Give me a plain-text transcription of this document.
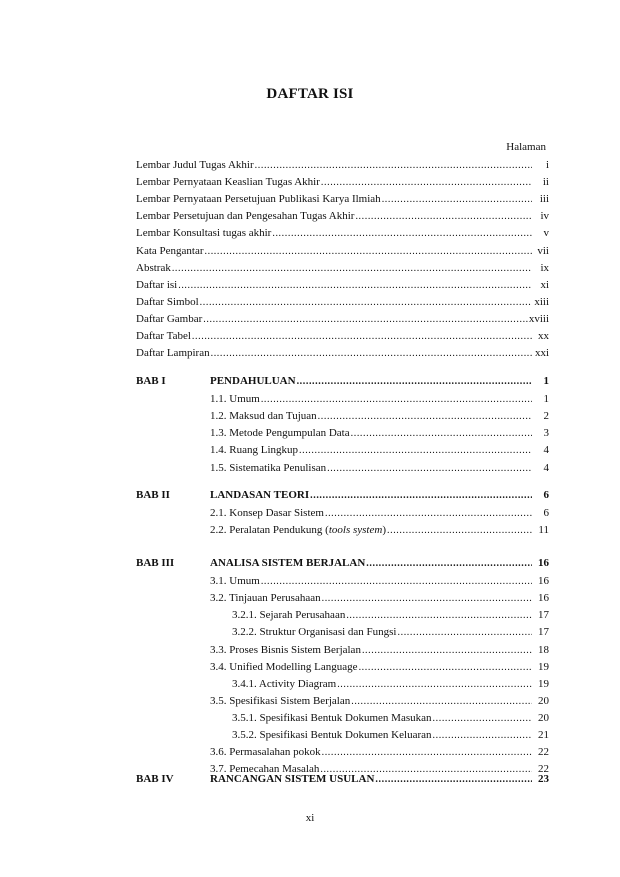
DAFTAR ISI
Halaman
Lembar Judul Tugas Akhir .....	i
Lembar Pernyataan Keaslian Tugas Akhir .....	ii
Lembar Pernyataan Persetujuan Publikasi Karya Ilmiah .....	iii
Lembar Persetujuan dan Pengesahan Tugas Akhir .....	iv
Lembar Konsultasi tugas akhir .....	v
Kata Pengantar .....	vii
Abstrak .....	ix
Daftar isi .....	xi
Daftar Simbol .....	xiii
Daftar Gambar .....	xviii
Daftar Tabel .....	xx
Daftar Lampiran .....	xxi
BAB I	PENDAHULUAN .....	1
1.1. Umum .....	1
1.2. Maksud dan Tujuan .....	2
1.3. Metode Pengumpulan Data .....	3
1.4. Ruang Lingkup .....	4
1.5. Sistematika Penulisan .....	4
BAB II	LANDASAN TEORI .....	6
2.1. Konsep Dasar Sistem .....	6
2.2. Peralatan Pendukung (tools system) .....	11
BAB III	ANALISA SISTEM BERJALAN .....	16
3.1. Umum .....	16
3.2. Tinjauan Perusahaan .....	16
3.2.1. Sejarah Perusahaan .....	17
3.2.2. Struktur Organisasi dan Fungsi .....	17
3.3. Proses Bisnis Sistem Berjalan .....	18
3.4. Unified Modelling Language .....	19
3.4.1. Activity Diagram .....	19
3.5. Spesifikasi Sistem Berjalan .....	20
3.5.1. Spesifikasi Bentuk Dokumen Masukan .....	20
3.5.2. Spesifikasi Bentuk Dokumen Keluaran .....	21
3.6. Permasalahan pokok .....	22
3.7. Pemecahan Masalah .....	22
BAB IV	RANCANGAN SISTEM USULAN .....	23
xi
